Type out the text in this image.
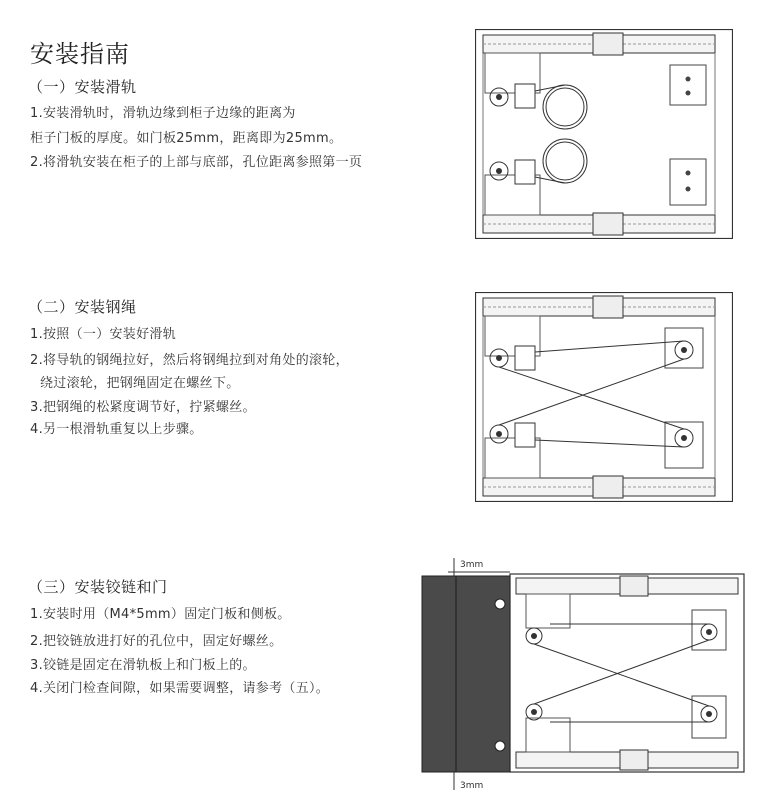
安装指南
（一）安装滑轨
1.安装滑轨时，滑轨边缘到柜子边缘的距离为
柜子门板的厚度。如门板25mm，距离即为25mm。
2.将滑轨安装在柜子的上部与底部，孔位距离参照第一页
（二）安装钢绳
1.按照（一）安装好滑轨
2.将导轨的钢绳拉好，然后将钢绳拉到对角处的滚轮，
绕过滚轮，把钢绳固定在螺丝下。
3.把钢绳的松紧度调节好，拧紧螺丝。
4.另一根滑轨重复以上步骤。
（三）安装铰链和门
1.安装时用（M4*5mm）固定门板和侧板。
2.把铰链放进打好的孔位中，固定好螺丝。
3.铰链是固定在滑轨板上和门板上的。
4.关闭门检查间隙，如果需要调整，请参考（五）。
3mm
3mm
